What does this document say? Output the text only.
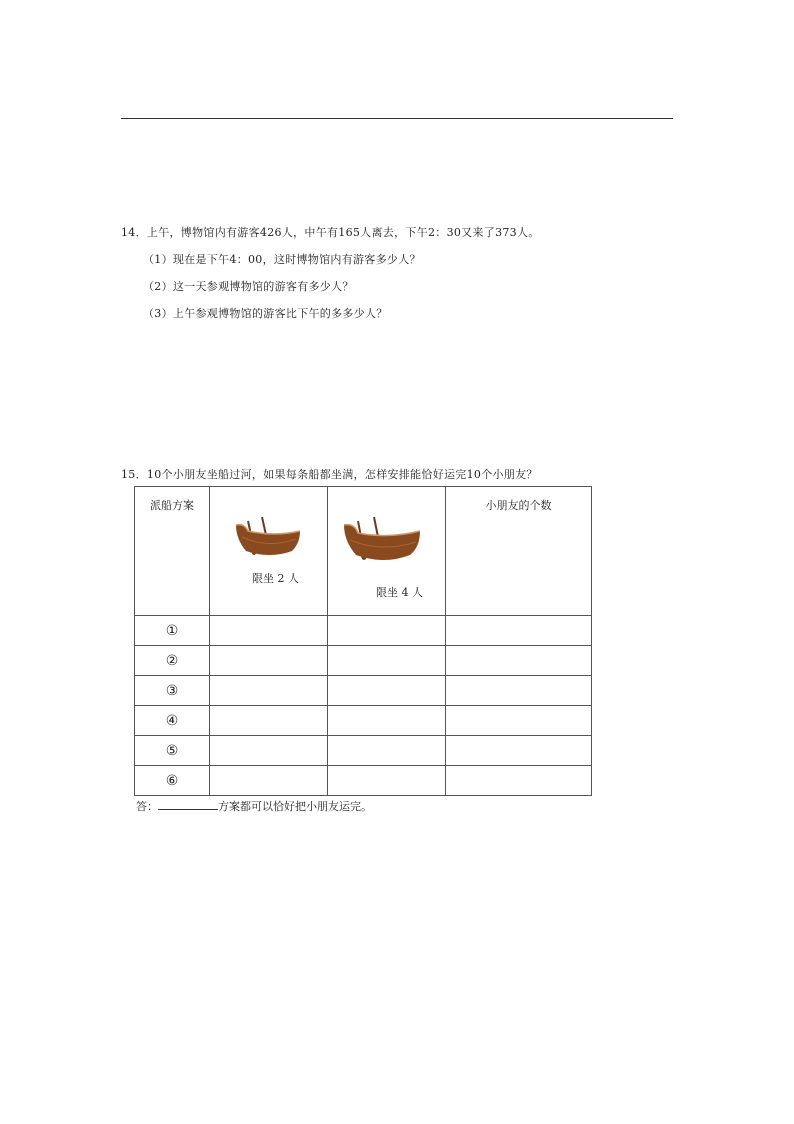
14．上午，博物馆内有游客426人，中午有165人离去，下午2：30又来了373人。
（1）现在是下午4：00，这时博物馆内有游客多少人？
（2）这一天参观博物馆的游客有多少人？
（3）上午参观博物馆的游客比下午的多多少人？
15．10个小朋友坐船过河，如果每条船都坐满，怎样安排能恰好运完10个小朋友？
派船方案	限坐 2 人	限坐 4 人	小朋友的个数
①			
②			
③			
④			
⑤			
⑥			
答：	方案都可以恰好把小朋友运完。
